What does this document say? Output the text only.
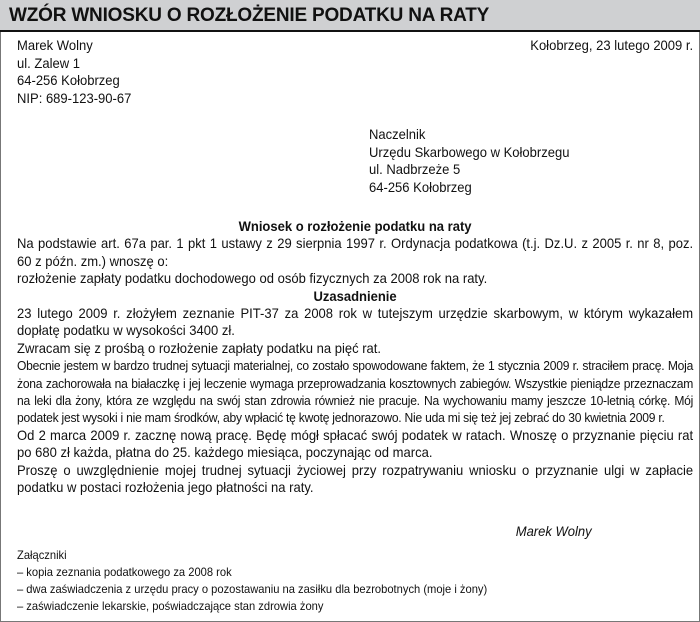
WZÓR WNIOSKU O ROZŁOŻENIE PODATKU NA RATY
Marek Wolny
ul. Zalew 1
64-256 Kołobrzeg
NIP: 689-123-90-67
Kołobrzeg, 23 lutego 2009 r.
Naczelnik
Urzędu Skarbowego w Kołobrzegu
ul. Nadbrzeże 5
64-256 Kołobrzeg
Wniosek o rozłożenie podatku na raty
Na podstawie art. 67a par. 1 pkt 1 ustawy z 29 sierpnia 1997 r. Ordynacja podatkowa (t.j. Dz.U. z 2005 r. nr 8, poz. 60 z późn. zm.) wnoszę o:
rozłożenie zapłaty podatku dochodowego od osób fizycznych za 2008 rok na raty.
Uzasadnienie
23 lutego 2009 r. złożyłem zeznanie PIT-37 za 2008 rok w tutejszym urzędzie skarbowym, w którym wykazałem dopłatę podatku w wysokości 3400 zł.
Zwracam się z prośbą o rozłożenie zapłaty podatku na pięć rat.
Obecnie jestem w bardzo trudnej sytuacji materialnej, co zostało spowodowane faktem, że 1 stycznia 2009 r. straciłem pracę. Moja żona zachorowała na białaczkę i jej leczenie wymaga przeprowadzania kosztownych zabiegów. Wszystkie pieniądze przeznaczam na leki dla żony, która ze względu na swój stan zdrowia również nie pracuje. Na wychowaniu mamy jeszcze 10-letnią córkę. Mój podatek jest wysoki i nie mam środków, aby wpłacić tę kwotę jednorazowo. Nie uda mi się też jej zebrać do 30 kwietnia 2009 r.
Od 2 marca 2009 r. zacznę nową pracę. Będę mógł spłacać swój podatek w ratach. Wnoszę o przyznanie pięciu rat po 680 zł każda, płatna do 25. każdego miesiąca, poczynając od marca.
Proszę o uwzględnienie mojej trudnej sytuacji życiowej przy rozpatrywaniu wniosku o przyznanie ulgi w zapłacie podatku w postaci rozłożenia jego płatności na raty.
Marek Wolny
Załączniki
– kopia zeznania podatkowego za 2008 rok
– dwa zaświadczenia z urzędu pracy o pozostawaniu na zasiłku dla bezrobotnych (moje i żony)
– zaświadczenie lekarskie, poświadczające stan zdrowia żony
